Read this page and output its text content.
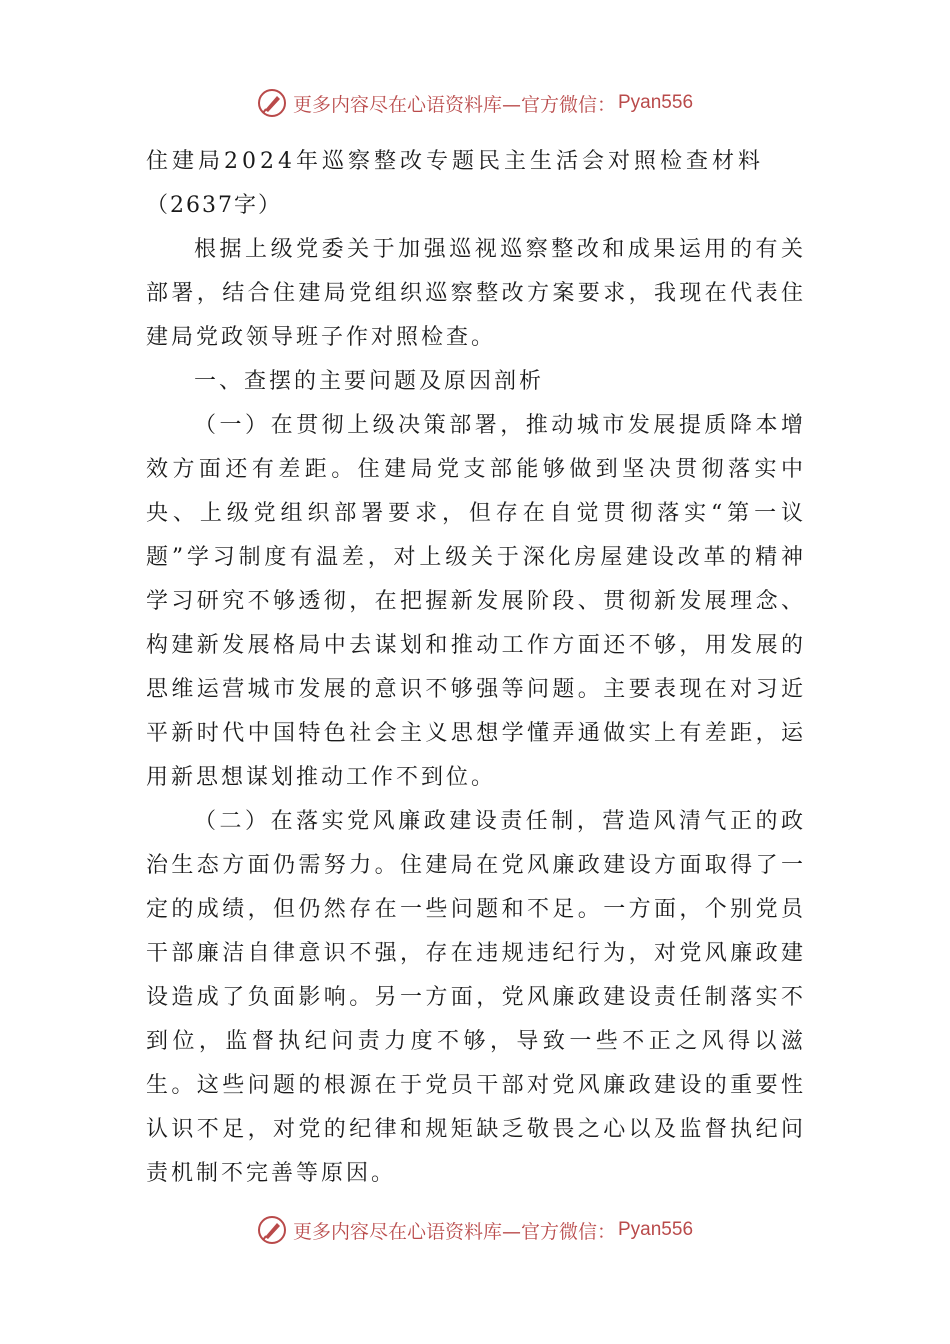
更多内容尽在心语资料库—官方微信： Pyan556

住建局2024年巡察整改专题民主生活会对照检查材料

（2637字）

根据上级党委关于加强巡视巡察整改和成果运用的有关部署，结合住建局党组织巡察整改方案要求，我现在代表住建局党政领导班子作对照检查。

一、查摆的主要问题及原因剖析

（一）在贯彻上级决策部署，推动城市发展提质降本增效方面还有差距。住建局党支部能够做到坚决贯彻落实中央、上级党组织部署要求，但存在自觉贯彻落实“第一议题”学习制度有温差，对上级关于深化房屋建设改革的精神学习研究不够透彻，在把握新发展阶段、贯彻新发展理念、构建新发展格局中去谋划和推动工作方面还不够，用发展的思维运营城市发展的意识不够强等问题。主要表现在对习近平新时代中国特色社会主义思想学懂弄通做实上有差距，运用新思想谋划推动工作不到位。

（二）在落实党风廉政建设责任制，营造风清气正的政治生态方面仍需努力。住建局在党风廉政建设方面取得了一定的成绩，但仍然存在一些问题和不足。一方面，个别党员干部廉洁自律意识不强，存在违规违纪行为，对党风廉政建设造成了负面影响。另一方面，党风廉政建设责任制落实不到位，监督执纪问责力度不够，导致一些不正之风得以滋生。这些问题的根源在于党员干部对党风廉政建设的重要性认识不足，对党的纪律和规矩缺乏敬畏之心以及监督执纪问责机制不完善等原因。

更多内容尽在心语资料库—官方微信： Pyan556
